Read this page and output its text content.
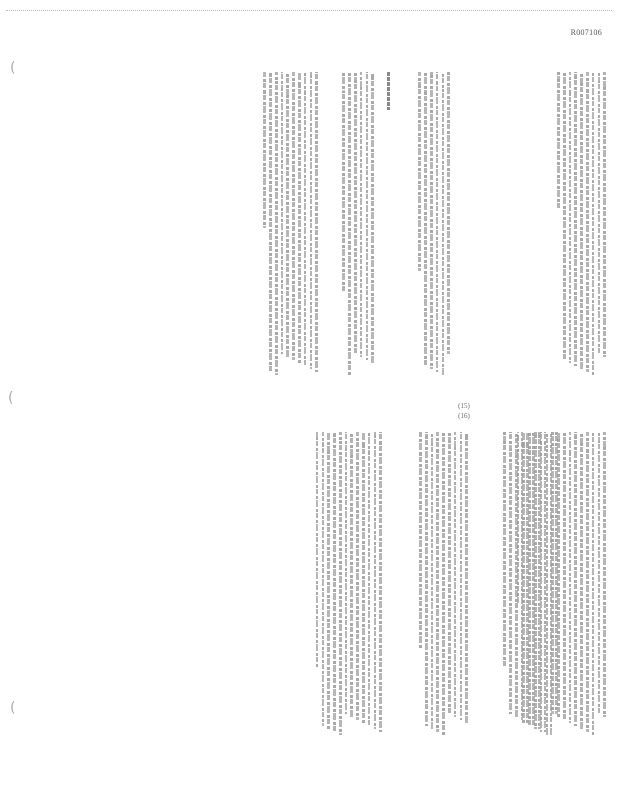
R007106
(
(
(
(15)
(16)
